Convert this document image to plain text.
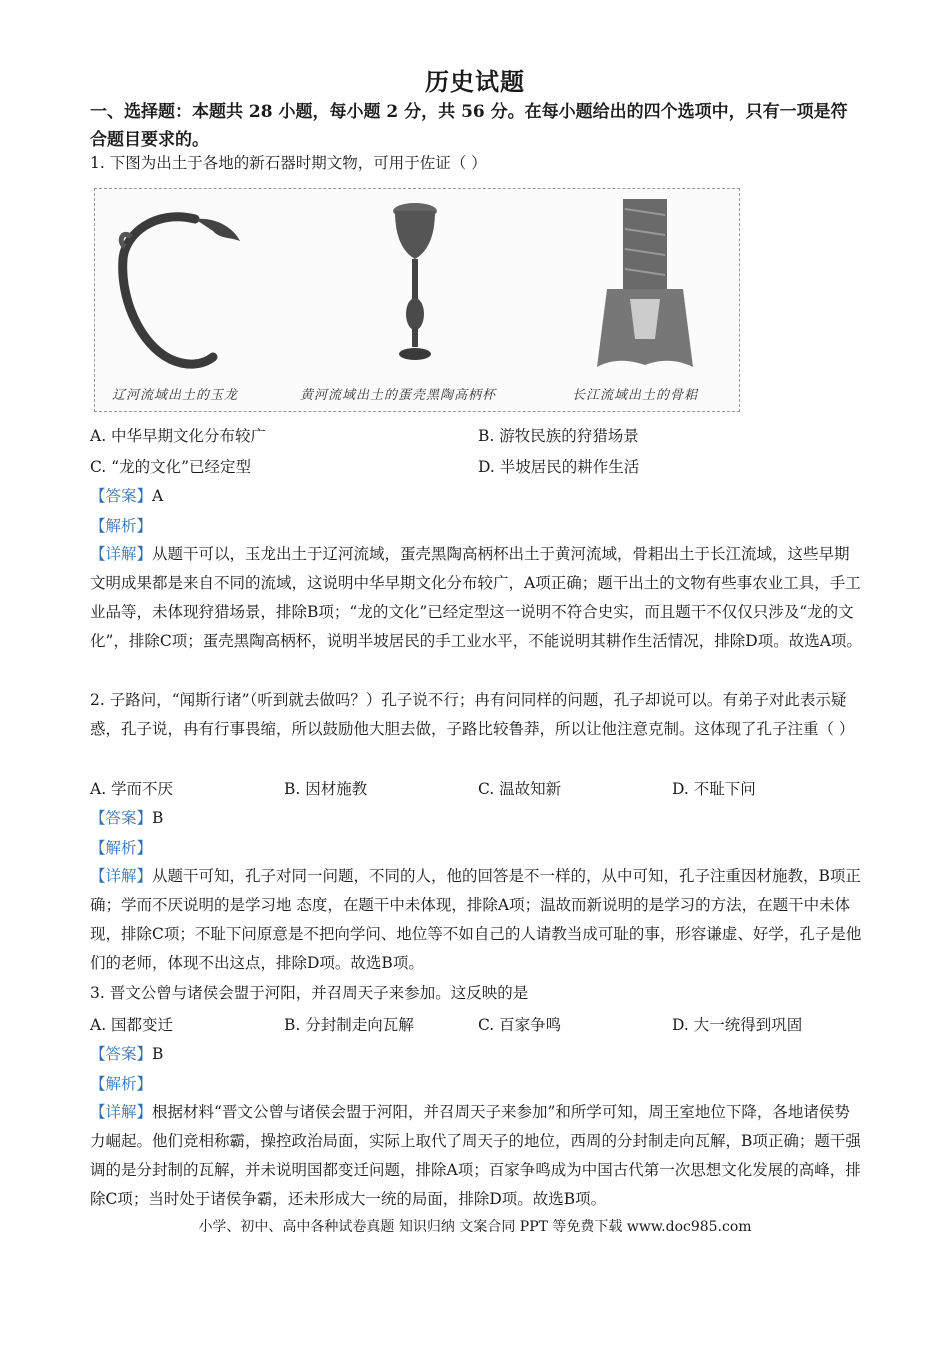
历史试题
一、选择题：本题共 28 小题，每小题 2 分，共 56 分。在每小题给出的四个选项中，只有一项是符合题目要求的。
1. 下图为出土于各地的新石器时期文物，可用于佐证（ ）
辽河流域出土的玉龙	黄河流域出土的蛋壳黑陶高柄杯	长江流域出土的骨耜
A. 中华早期文化分布较广	B. 游牧民族的狩猎场景
C. “龙的文化”已经定型	D. 半坡居民的耕作生活
【答案】A
【解析】
【详解】从题干可以，玉龙出土于辽河流域，蛋壳黑陶高柄杯出土于黄河流域，骨耜出土于长江流域，这些早期文明成果都是来自不同的流域，这说明中华早期文化分布较广，A项正确；题干出土的文物有些事农业工具，手工业品等，未体现狩猎场景，排除B项；“龙的文化”已经定型这一说明不符合史实，而且题干不仅仅只涉及“龙的文化”，排除C项；蛋壳黑陶高柄杯，说明半坡居民的手工业水平，不能说明其耕作生活情况，排除D项。故选A项。
2. 子路问，“闻斯行诸”（听到就去做吗？）孔子说不行；冉有问同样的问题，孔子却说可以。有弟子对此表示疑惑，孔子说，冉有行事畏缩，所以鼓励他大胆去做，子路比较鲁莽，所以让他注意克制。这体现了孔子注重（ ）
A. 学而不厌	B. 因材施教	C. 温故知新	D. 不耻下问
【答案】B
【解析】
【详解】从题干可知，孔子对同一问题，不同的人，他的回答是不一样的，从中可知，孔子注重因材施教，B项正确；学而不厌说明的是学习地 态度，在题干中未体现，排除A项；温故而新说明的是学习的方法，在题干中未体现，排除C项；不耻下问原意是不把向学问、地位等不如自己的人请教当成可耻的事，形容谦虚、好学，孔子是他们的老师，体现不出这点，排除D项。故选B项。
3. 晋文公曾与诸侯会盟于河阳，并召周天子来参加。这反映的是
A. 国都变迁	B. 分封制走向瓦解	C. 百家争鸣	D. 大一统得到巩固
【答案】B
【解析】
【详解】根据材料“晋文公曾与诸侯会盟于河阳，并召周天子来参加”和所学可知，周王室地位下降，各地诸侯势力崛起。他们竞相称霸，操控政治局面，实际上取代了周天子的地位，西周的分封制走向瓦解，B项正确；题干强调的是分封制的瓦解，并未说明国都变迁问题，排除A项；百家争鸣成为中国古代第一次思想文化发展的高峰，排除C项；当时处于诸侯争霸，还未形成大一统的局面，排除D项。故选B项。
小学、初中、高中各种试卷真题 知识归纳 文案合同 PPT 等免费下载 www.doc985.com
